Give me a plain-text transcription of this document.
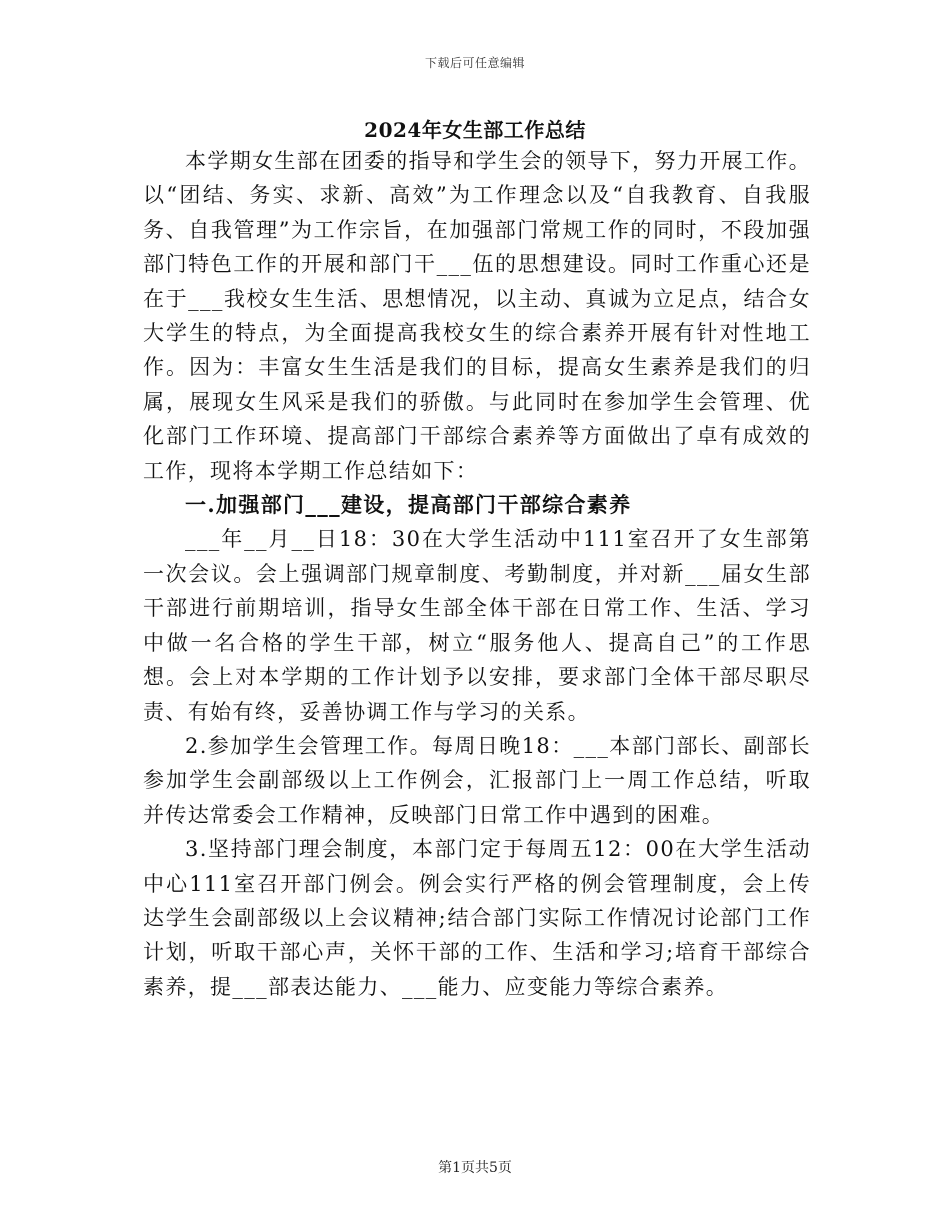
下载后可任意编辑
2024年女生部工作总结

本学期女生部在团委的指导和学生会的领导下，努力开展工作。以“团结、务实、求新、高效”为工作理念以及“自我教育、自我服务、自我管理”为工作宗旨，在加强部门常规工作的同时，不段加强部门特色工作的开展和部门干___伍的思想建设。同时工作重心还是在于___我校女生生活、思想情况，以主动、真诚为立足点，结合女大学生的特点，为全面提高我校女生的综合素养开展有针对性地工作。因为：丰富女生生活是我们的目标，提高女生素养是我们的归属，展现女生风采是我们的骄傲。与此同时在参加学生会管理、优化部门工作环境、提高部门干部综合素养等方面做出了卓有成效的工作，现将本学期工作总结如下：

一.加强部门___建设，提高部门干部综合素养

___年__月__日18：30在大学生活动中111室召开了女生部第一次会议。会上强调部门规章制度、考勤制度，并对新___届女生部干部进行前期培训，指导女生部全体干部在日常工作、生活、学习中做一名合格的学生干部，树立“服务他人、提高自己”的工作思想。会上对本学期的工作计划予以安排，要求部门全体干部尽职尽责、有始有终，妥善协调工作与学习的关系。

2.参加学生会管理工作。每周日晚18：___本部门部长、副部长参加学生会副部级以上工作例会，汇报部门上一周工作总结，听取并传达常委会工作精神，反映部门日常工作中遇到的困难。

3.坚持部门理会制度，本部门定于每周五12：00在大学生活动中心111室召开部门例会。例会实行严格的例会管理制度，会上传达学生会副部级以上会议精神;结合部门实际工作情况讨论部门工作计划，听取干部心声，关怀干部的工作、生活和学习;培育干部综合素养，提___部表达能力、___能力、应变能力等综合素养。

第1页共5页
